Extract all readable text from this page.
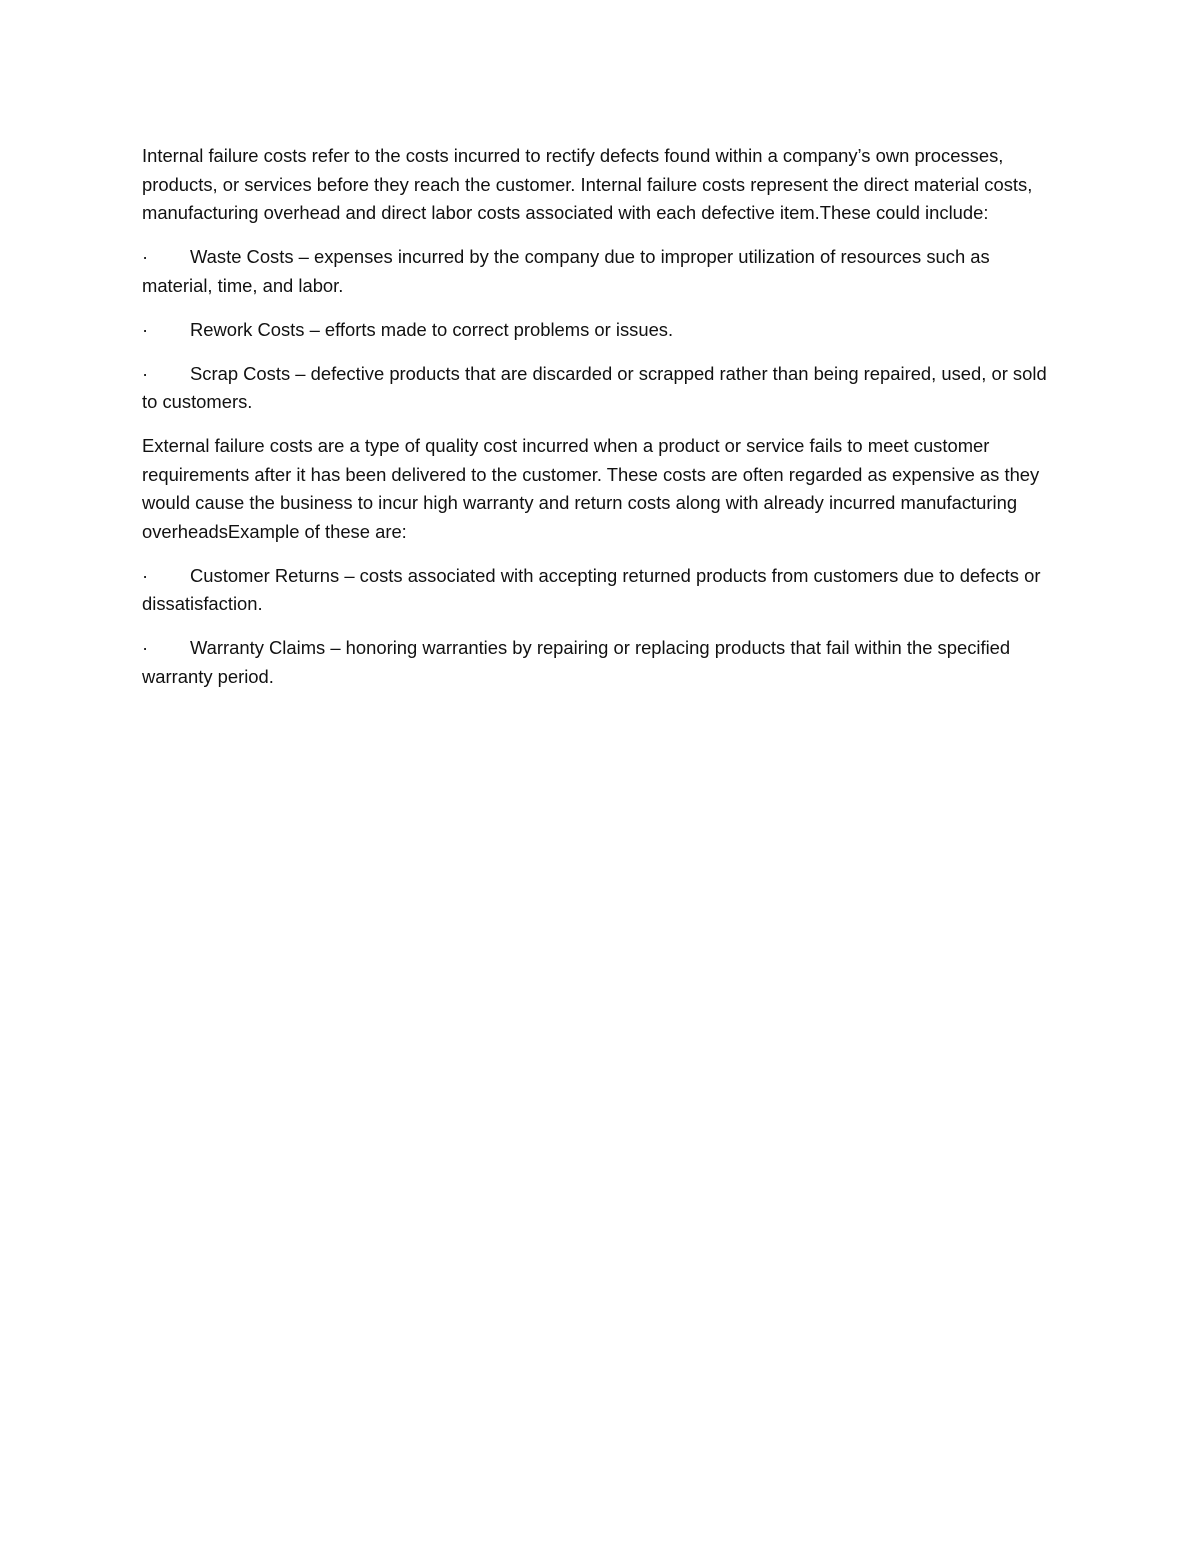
Internal failure costs refer to the costs incurred to rectify defects found within a company’s own processes, products, or services before they reach the customer. Internal failure costs represent the direct material costs, manufacturing overhead and direct labor costs associated with each defective item.These could include:

· Waste Costs – expenses incurred by the company due to improper utilization of resources such as material, time, and labor.
· Rework Costs – efforts made to correct problems or issues.
· Scrap Costs – defective products that are discarded or scrapped rather than being repaired, used, or sold to customers.

External failure costs are a type of quality cost incurred when a product or service fails to meet customer requirements after it has been delivered to the customer. These costs are often regarded as expensive as they would cause the business to incur high warranty and return costs along with already incurred manufacturing overheadsExample of these are:

· Customer Returns – costs associated with accepting returned products from customers due to defects or dissatisfaction.
· Warranty Claims – honoring warranties by repairing or replacing products that fail within the specified warranty period.
